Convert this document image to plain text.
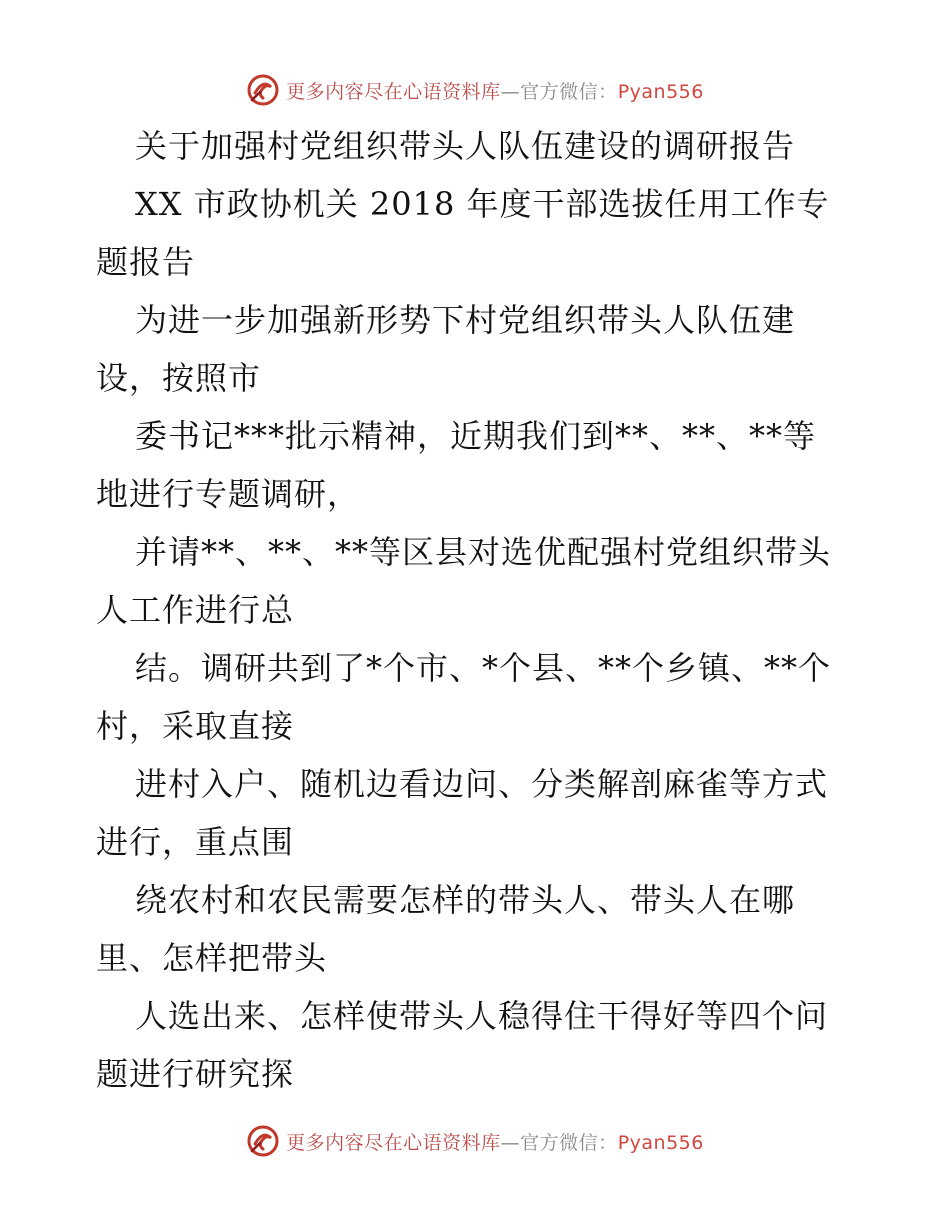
更多内容尽在心语资料库—官方微信：Pyan556
关于加强村党组织带头人队伍建设的调研报告
XX 市政协机关 2018 年度干部选拔任用工作专
题报告
为进一步加强新形势下村党组织带头人队伍建
设，按照市
委书记***批示精神，近期我们到**、**、**等
地进行专题调研，
并请**、**、**等区县对选优配强村党组织带头
人工作进行总
结。调研共到了*个市、*个县、**个乡镇、**个
村，采取直接
进村入户、随机边看边问、分类解剖麻雀等方式
进行，重点围
绕农村和农民需要怎样的带头人、带头人在哪
里、怎样把带头
人选出来、怎样使带头人稳得住干得好等四个问
题进行研究探
更多内容尽在心语资料库—官方微信：Pyan556
